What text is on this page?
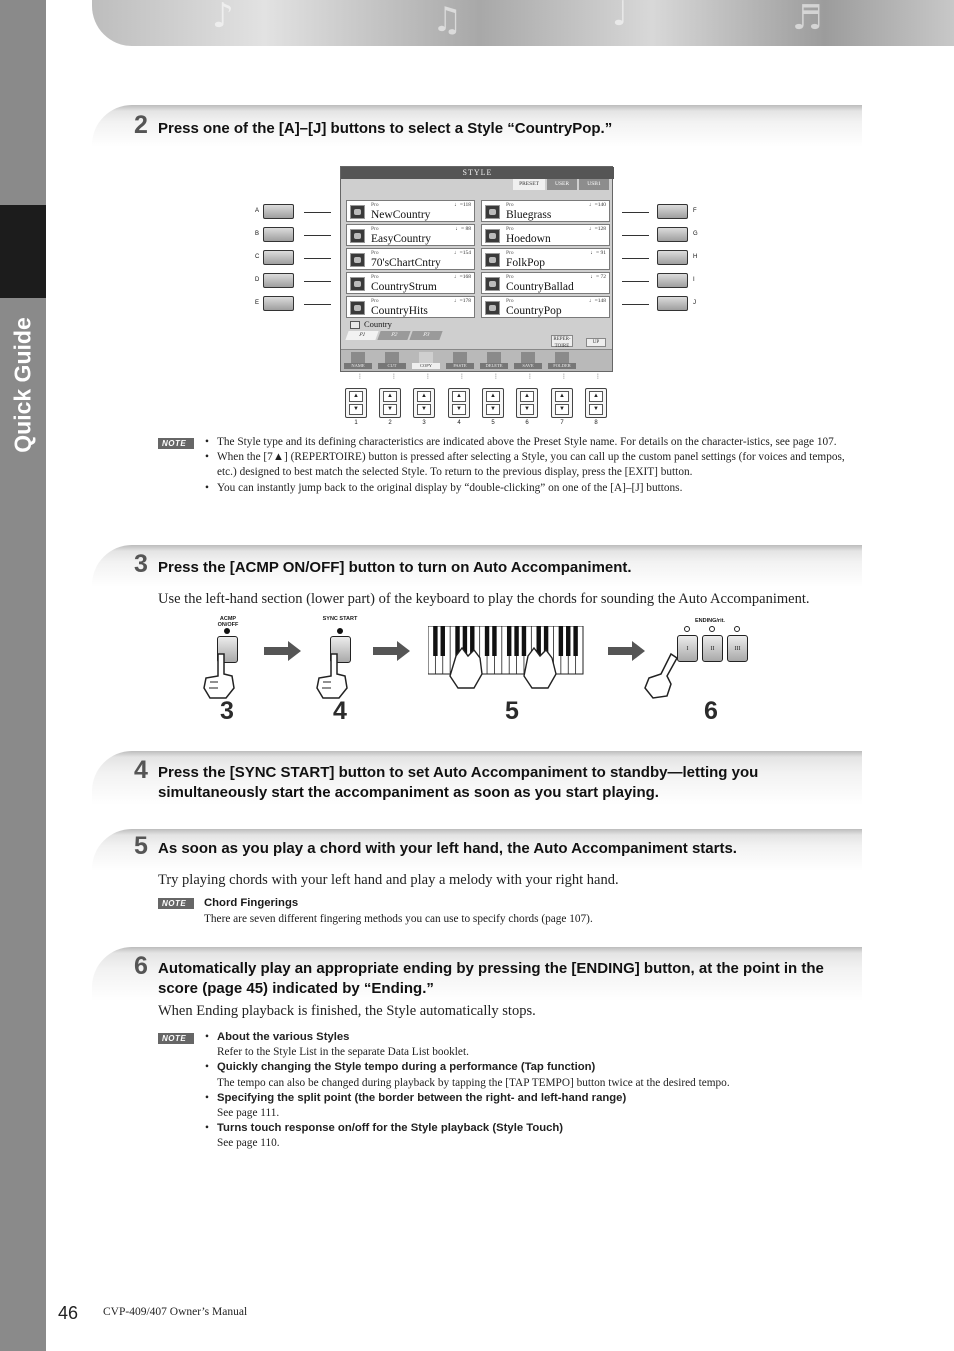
Quick Guide
♪	♫	♩	♬
2 Press one of the [A]–[J] buttons to select a Style “CountryPop.”
STYLE
PRESET	USER	USB1
Pro	♩=118
NewCountry
Pro	♩= 88
EasyCountry
Pro	♩=154
70'sChartCntry
Pro	♩=168
CountryStrum
Pro	♩=178
CountryHits
Pro	♩=140
Bluegrass
Pro	♩=128
Hoedown
Pro	♩= 91
FolkPop
Pro	♩= 72
CountryBallad
Pro	♩=148
CountryPop
Country
P1	P2	P3
REPER-TOIRE
UP
NAME	CUT	COPY	PASTE	DELETE	SAVE	FOLDER
A
B
C
D
E
F
G
H
I
J
⋮
▲
▼
1
⋮
▲
▼
2
⋮
▲
▼
3
⋮
▲
▼
4
⋮
▲
▼
5
⋮
▲
▼
6
⋮
▲
▼
7
⋮
▲
▼
8
NOTE	• The Style type and its defining characteristics are indicated above the Preset Style name. For details on the character-istics, see page 107.
• When the [7▲] (REPERTOIRE) button is pressed after selecting a Style, you can call up the custom panel settings (for voices and tempos, etc.) designed to best match the selected Style. To return to the previous display, press the [EXIT] button.
• You can instantly jump back to the original display by “double-clicking” on one of the [A]–[J] buttons.
3 Press the [ACMP ON/OFF] button to turn on Auto Accompaniment.
Use the left-hand section (lower part) of the keyboard to play the chords for sounding the Auto Accompaniment.
ACMP ON/OFF
SYNC START	ENDING/rit.
I	II	III
3	4	5	6
4 Press the [SYNC START] button to set Auto Accompaniment to standby—letting you simultaneously start the accompaniment as soon as you start playing.
5 As soon as you play a chord with your left hand, the Auto Accompaniment starts.
Try playing chords with your left hand and play a melody with your right hand.
NOTE	Chord Fingerings
There are seven different fingering methods you can use to specify chords (page 107).
6 Automatically play an appropriate ending by pressing the [ENDING] button, at the point in the score (page 45) indicated by “Ending.”
When Ending playback is finished, the Style automatically stops.
NOTE	• About the various Styles
Refer to the Style List in the separate Data List booklet.
• Quickly changing the Style tempo during a performance (Tap function)
The tempo can also be changed during playback by tapping the [TAP TEMPO] button twice at the desired tempo.
• Specifying the split point (the border between the right- and left-hand range)
See page 111.
• Turns touch response on/off for the Style playback (Style Touch)
See page 110.
46 CVP-409/407 Owner’s Manual
